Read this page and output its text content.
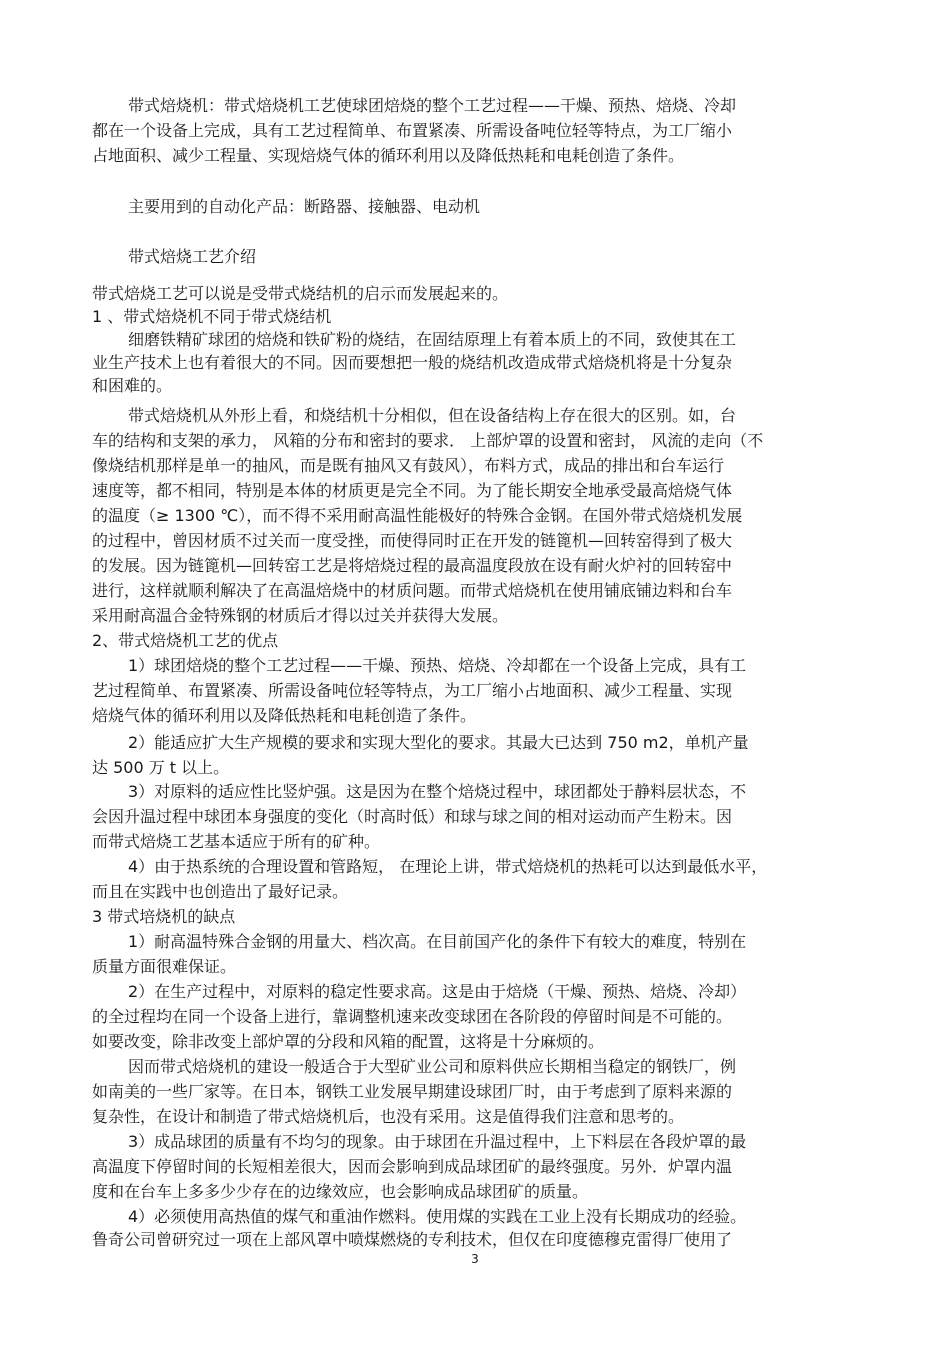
带式焙烧机：带式焙烧机工艺使球团焙烧的整个工艺过程——干燥、预热、焙烧、冷却

都在一个设备上完成，具有工艺过程简单、布置紧凑、所需设备吨位轻等特点，为工厂缩小

占地面积、减少工程量、实现焙烧气体的循环利用以及降低热耗和电耗创造了条件。

主要用到的自动化产品：断路器、接触器、电动机

带式焙烧工艺介绍

带式焙烧工艺可以说是受带式烧结机的启示而发展起来的。

1 、带式焙烧机不同于带式烧结机

细磨铁精矿球团的焙烧和铁矿粉的烧结，在固结原理上有着本质上的不同，致使其在工

业生产技术上也有着很大的不同。因而要想把一般的烧结机改造成带式焙烧机将是十分复杂

和困难的。

带式焙烧机从外形上看，和烧结机十分相似，但在设备结构上存在很大的区别。如，台

车的结构和支架的承力， 风箱的分布和密封的要求． 上部炉罩的设置和密封， 风流的走向（不

像烧结机那样是单一的抽风，而是既有抽风又有鼓风），布料方式，成品的排出和台车运行

速度等，都不相同，特别是本体的材质更是完全不同。为了能长期安全地承受最高焙烧气体

的温度（≥ 1300 ℃），而不得不采用耐高温性能极好的特殊合金钢。在国外带式焙烧机发展

的过程中，曾因材质不过关而一度受挫，而使得同时正在开发的链篦机—回转窑得到了极大

的发展。因为链篦机—回转窑工艺是将焙烧过程的最高温度段放在设有耐火炉衬的回转窑中

进行，这样就顺利解决了在高温焙烧中的材质问题。而带式焙烧机在使用铺底铺边料和台车

采用耐高温合金特殊钢的材质后才得以过关并获得大发展。

2、带式焙烧机工艺的优点

1）球团焙烧的整个工艺过程——干燥、预热、焙烧、冷却都在一个设备上完成，具有工

艺过程简单、布置紧凑、所需设备吨位轻等特点，为工厂缩小占地面积、减少工程量、实现

焙烧气体的循环利用以及降低热耗和电耗创造了条件。

2）能适应扩大生产规模的要求和实现大型化的要求。其最大已达到 750 m2，单机产量

达 500 万 t 以上。

3）对原料的适应性比竖炉强。这是因为在整个焙烧过程中，球团都处于静料层状态，不

会因升温过程中球团本身强度的变化（时高时低）和球与球之间的相对运动而产生粉末。因

而带式焙烧工艺基本适应于所有的矿种。

4）由于热系统的合理设置和管路短， 在理论上讲，带式焙烧机的热耗可以达到最低水平，

而且在实践中也创造出了最好记录。

3 带式培烧机的缺点

1）耐高温特殊合金钢的用量大、档次高。在目前国产化的条件下有较大的难度，特别在

质量方面很难保证。

2）在生产过程中，对原料的稳定性要求高。这是由于焙烧（干燥、预热、焙烧、冷却）

的全过程均在同一个设备上进行，靠调整机速来改变球团在各阶段的停留时间是不可能的。

如要改变，除非改变上部炉罩的分段和风箱的配置，这将是十分麻烦的。

因而带式焙烧机的建设一般适合于大型矿业公司和原料供应长期相当稳定的钢铁厂，例

如南美的一些厂家等。在日本，钢铁工业发展早期建设球团厂时，由于考虑到了原料来源的

复杂性，在设计和制造了带式焙烧机后，也没有采用。这是值得我们注意和思考的。

3）成品球团的质量有不均匀的现象。由于球团在升温过程中，上下料层在各段炉罩的最

高温度下停留时间的长短相差很大，因而会影响到成品球团矿的最终强度。另外．炉罩内温

度和在台车上多多少少存在的边缘效应，也会影响成品球团矿的质量。

4）必须使用高热值的煤气和重油作燃料。使用煤的实践在工业上没有长期成功的经验。

鲁奇公司曾研究过一项在上部风罩中喷煤燃烧的专利技术，但仅在印度德穆克雷得厂使用了

3
